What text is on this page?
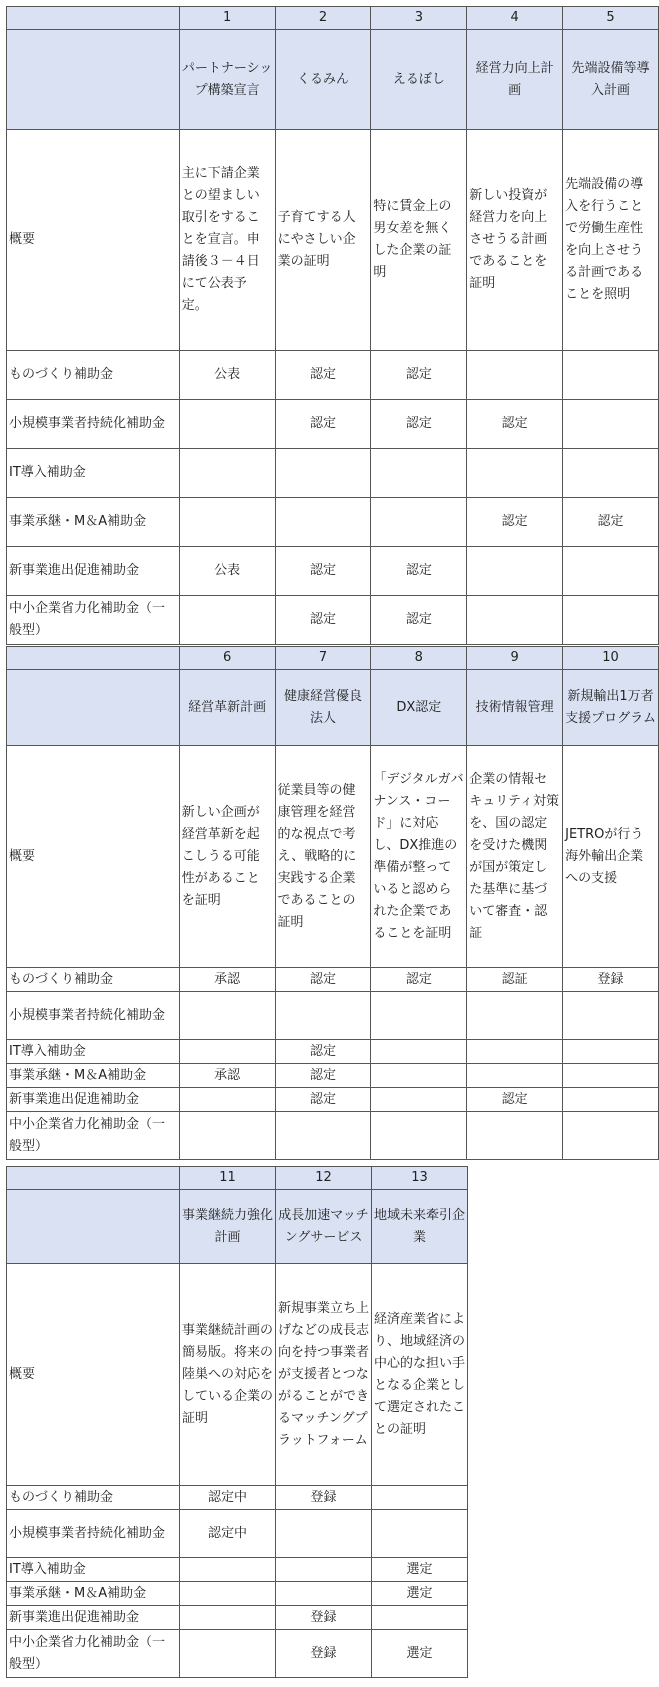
	1	2	3	4	5
	パートナーシップ構築宣言	くるみん	えるぼし	経営力向上計画	先端設備等導入計画
概要	主に下請企業との望ましい取引をすることを宣言。申請後３－４日にて公表予定。	子育てする人にやさしい企業の証明	特に賃金上の男女差を無くした企業の証明	新しい投資が経営力を向上させうる計画であることを証明	先端設備の導入を行うことで労働生産性を向上させうる計画であることを照明
ものづくり補助金	公表	認定	認定		
小規模事業者持続化補助金		認定	認定	認定	
IT導入補助金					
事業承継・M＆A補助金				認定	認定
新事業進出促進補助金	公表	認定	認定		
中小企業省力化補助金（一般型）		認定	認定		
	6	7	8	9	10
	経営革新計画	健康経営優良法人	DX認定	技術情報管理	新規輸出1万者支援プログラム
概要	新しい企画が経営革新を起こしうる可能性があることを証明	従業員等の健康管理を経営的な視点で考え、戦略的に実践する企業であることの証明	「デジタルガバナンス・コード」に対応し、DX推進の準備が整っていると認められた企業であることを証明	企業の情報セキュリティ対策を、国の認定を受けた機関が国が策定した基準に基づいて審査・認証	JETROが行う海外輸出企業への支援
ものづくり補助金	承認	認定	認定	認証	登録
小規模事業者持続化補助金					
IT導入補助金		認定			
事業承継・M＆A補助金	承認	認定			
新事業進出促進補助金		認定		認定	
中小企業省力化補助金（一般型）					
	11	12	13
	事業継続力強化計画	成長加速マッチングサービス	地域未来牽引企業
概要	事業継続計画の簡易版。将来の陸巣への対応をしている企業の証明	新規事業立ち上げなどの成長志向を持つ事業者が支援者とつながることができるマッチングプラットフォーム	経済産業省により、地域経済の中心的な担い手となる企業として選定されたことの証明
ものづくり補助金	認定中	登録	
小規模事業者持続化補助金	認定中		
IT導入補助金			選定
事業承継・M＆A補助金			選定
新事業進出促進補助金		登録	
中小企業省力化補助金（一般型）		登録	選定
